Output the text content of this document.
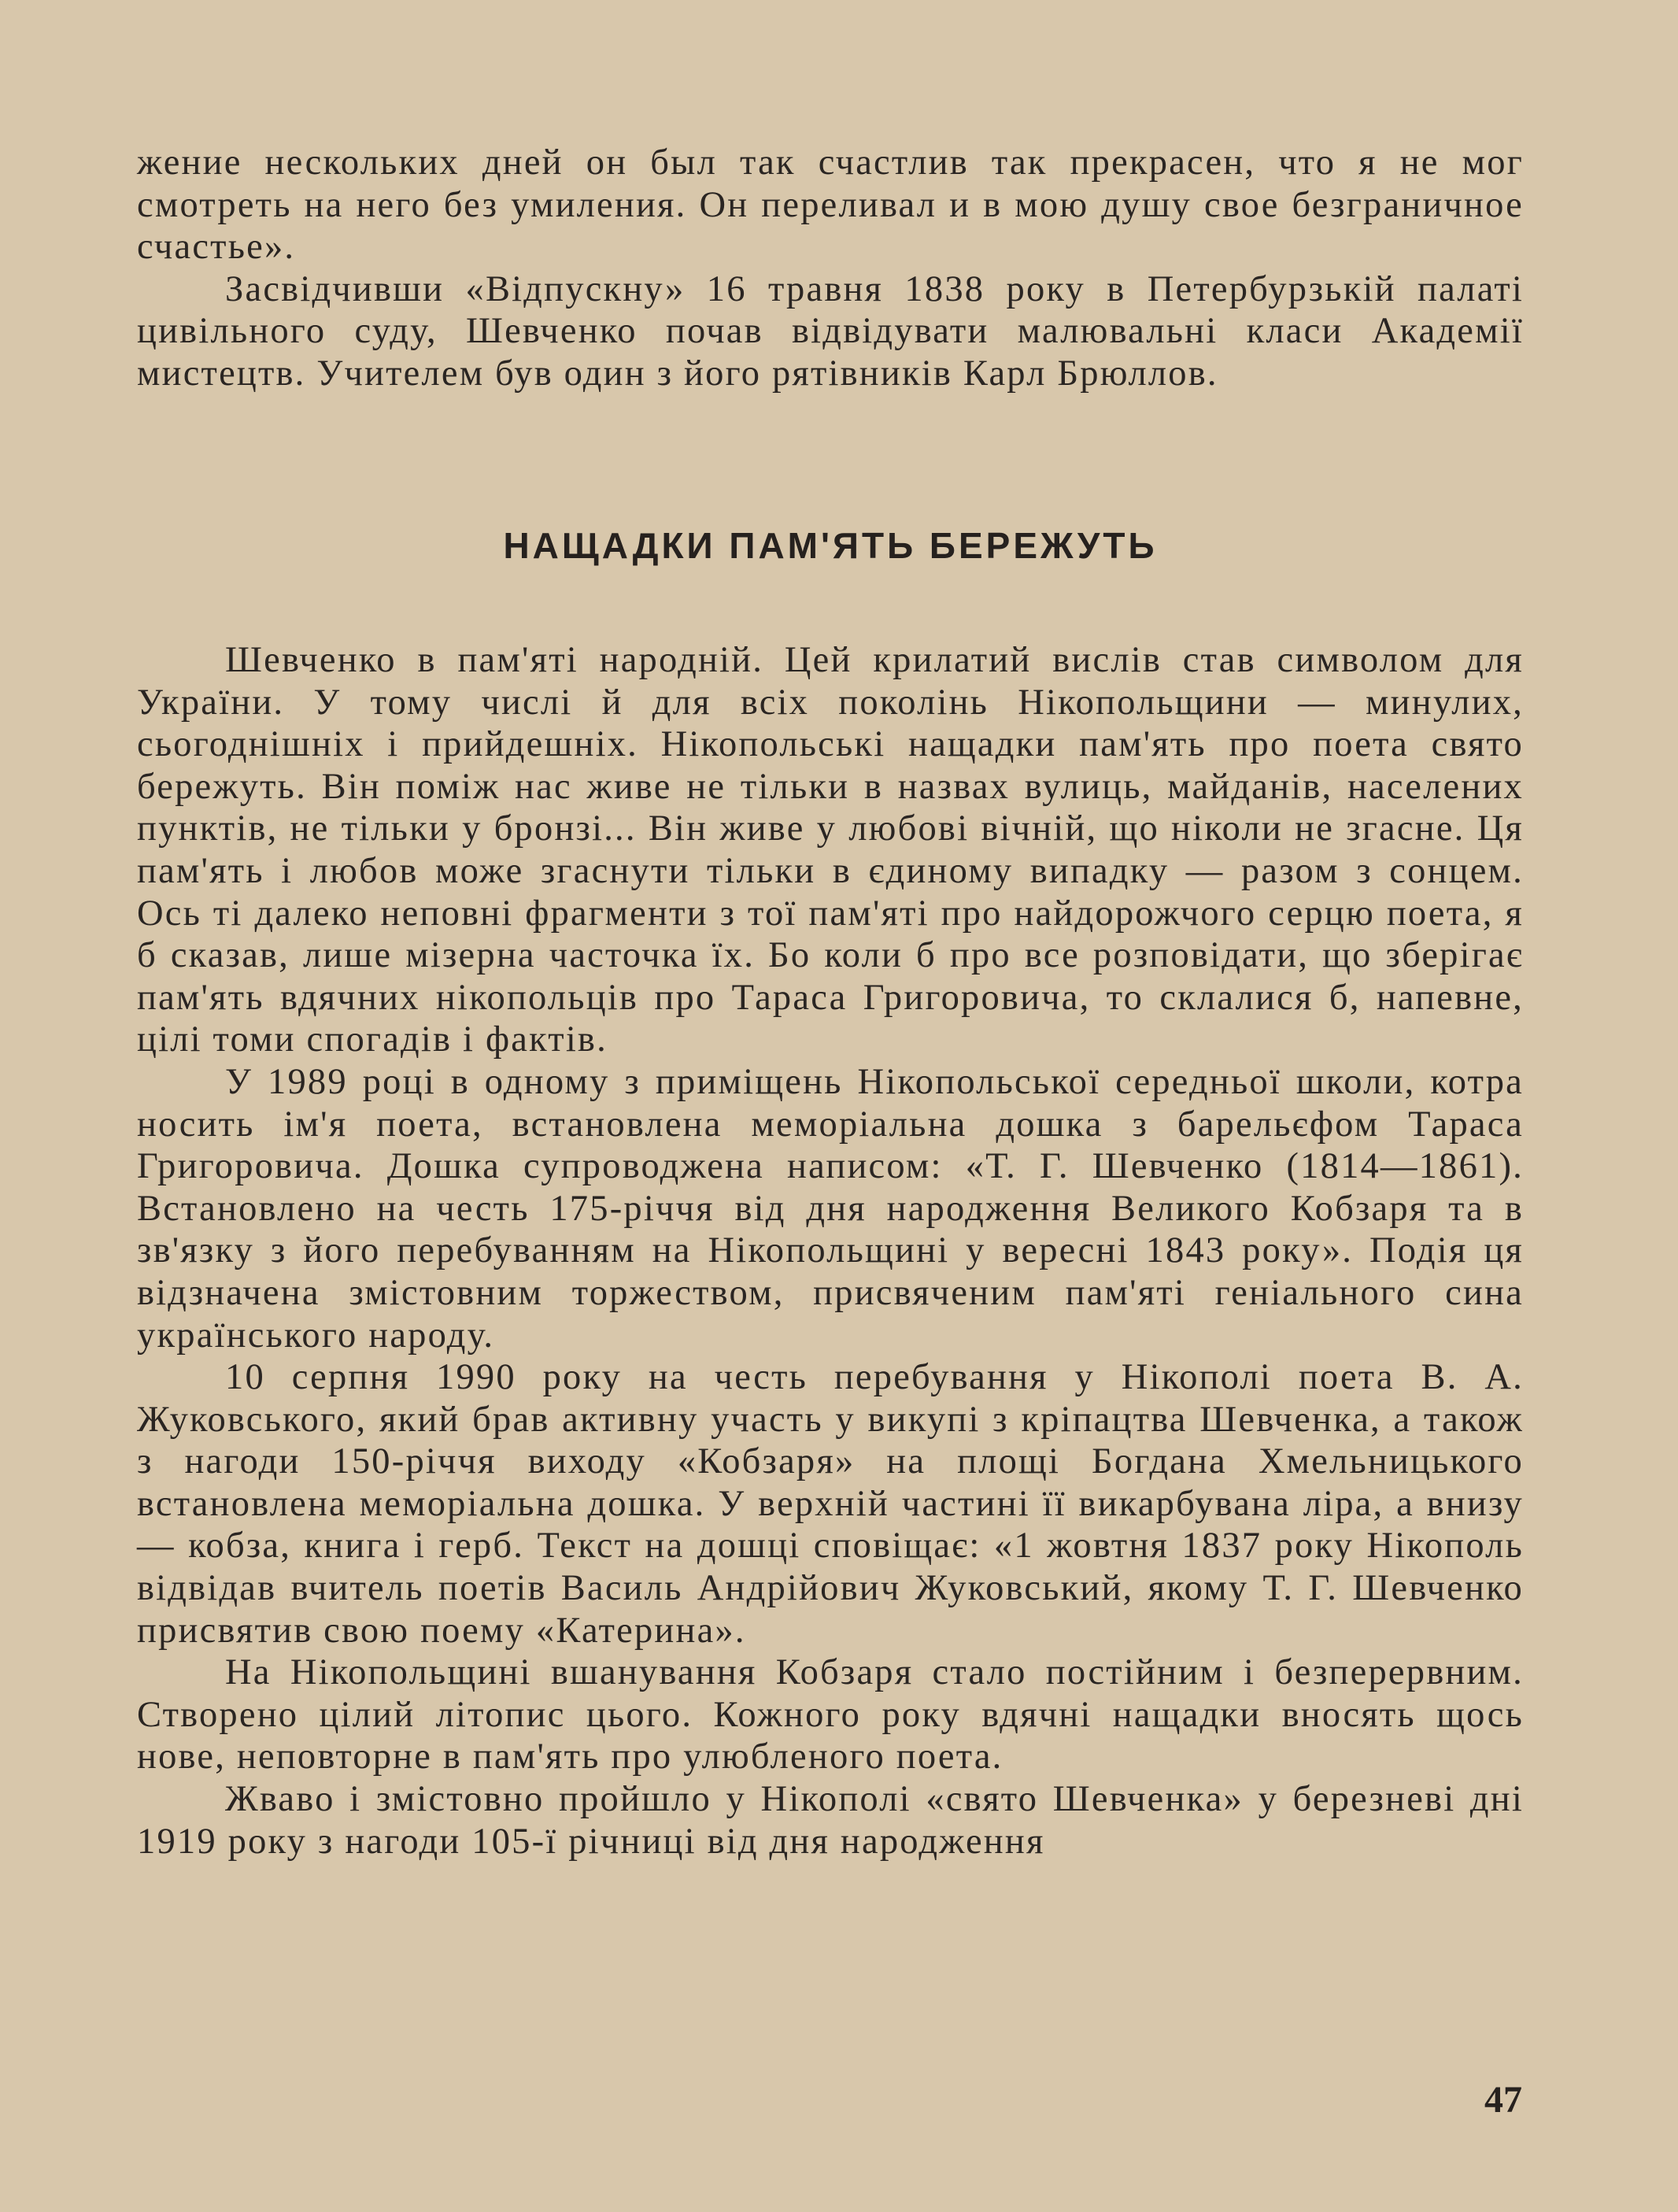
жение нескольких дней он был так счастлив так прекрасен, что я не мог смотреть на него без умиления. Он переливал и в мою душу свое безграничное счастье».

Засвідчивши «Відпускну» 16 травня 1838 року в Петербурзькій палаті цивільного суду, Шевченко почав відвідувати малювальні класи Академії мистецтв. Учителем був один з його рятівників Карл Брюллов.

НАЩАДКИ ПАМ'ЯТЬ БЕРЕЖУТЬ

Шевченко в пам'яті народній. Цей крилатий вислів став символом для України. У тому числі й для всіх поколінь Нікопольщини — минулих, сьогоднішніх і прийдешніх. Нікопольські нащадки пам'ять про поета свято бережуть. Він поміж нас живе не тільки в назвах вулиць, майданів, населених пунктів, не тільки у бронзі... Він живе у любові вічній, що ніколи не згасне. Ця пам'ять і любов може згаснути тільки в єдиному випадку — разом з сонцем. Ось ті далеко неповні фрагменти з тої пам'яті про найдорожчого серцю поета, я б сказав, лише мізерна часточка їх. Бо коли б про все розповідати, що зберігає пам'ять вдячних нікопольців про Тараса Григоровича, то склалися б, напевне, цілі томи спогадів і фактів.

У 1989 році в одному з приміщень Нікопольської середньої школи, котра носить ім'я поета, встановлена меморіальна дошка з барельєфом Тараса Григоровича. Дошка супроводжена написом: «Т. Г. Шевченко (1814—1861). Встановлено на честь 175-річчя від дня народження Великого Кобзаря та в зв'язку з його перебуванням на Нікопольщині у вересні 1843 року». Подія ця відзначена змістовним торжеством, присвяченим пам'яті геніального сина українського народу.

10 серпня 1990 року на честь перебування у Нікополі поета В. А. Жуковського, який брав активну участь у викупі з кріпацтва Шевченка, а також з нагоди 150-річчя виходу «Кобзаря» на площі Богдана Хмельницького встановлена меморіальна дошка. У верхній частині її викарбувана ліра, а внизу — кобза, книга і герб. Текст на дошці сповіщає: «1 жовтня 1837 року Нікополь відвідав вчитель поетів Василь Андрійович Жуковський, якому Т. Г. Шевченко присвятив свою поему «Катерина».

На Нікопольщині вшанування Кобзаря стало постійним і безперервним. Створено цілий літопис цього. Кожного року вдячні нащадки вносять щось нове, неповторне в пам'ять про улюбленого поета.

Жваво і змістовно пройшло у Нікополі «свято Шевченка» у березневі дні 1919 року з нагоди 105-ї річниці від дня народження

47
